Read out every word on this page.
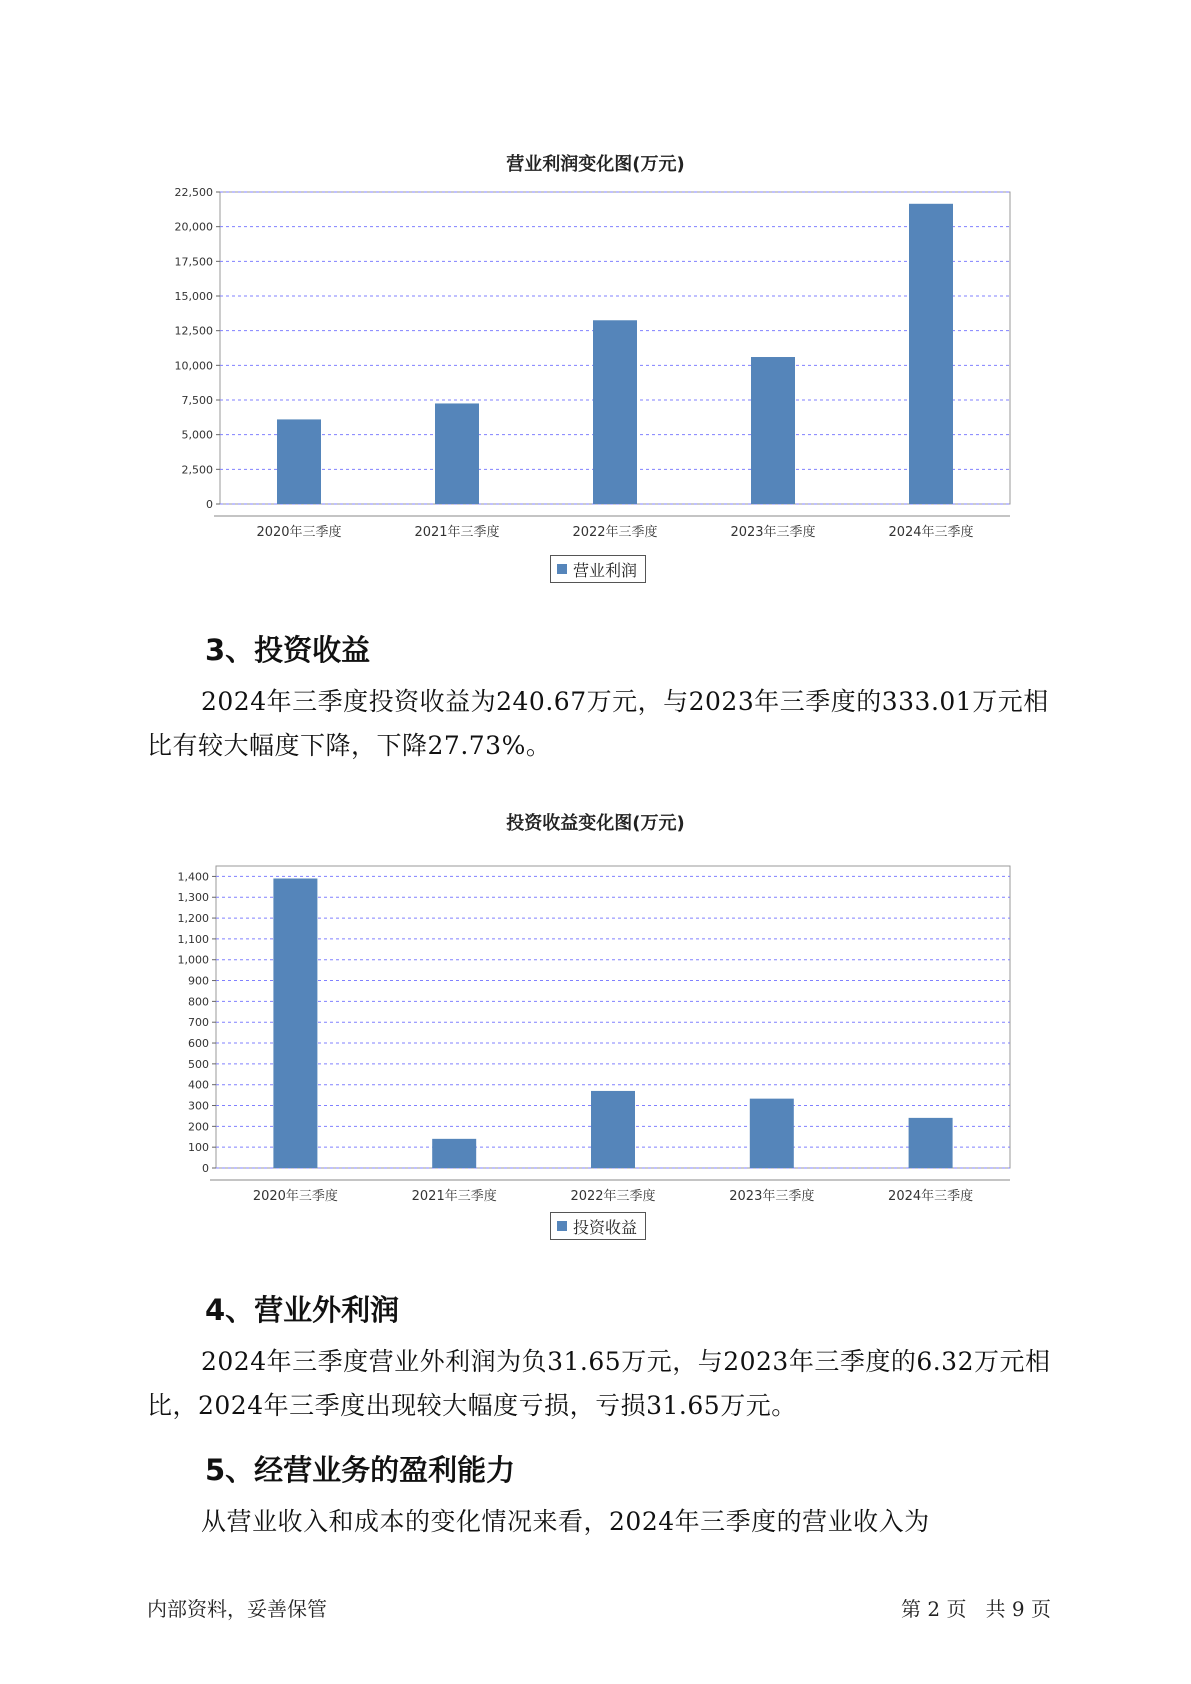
营业利润变化图(万元)
0
2,500
5,000
7,500
10,000
12,500
15,000
17,500
20,000
22,500
2020年三季度	2021年三季度	2022年三季度	2023年三季度	2024年三季度
营业利润
3、投资收益
2024年三季度投资收益为240.67万元，与2023年三季度的333.01万元相比有较大幅度下降，下降27.73%。
投资收益变化图(万元)
0
100
200
300
400
500
600
700
800
900
1,000
1,100
1,200
1,300
1,400
2020年三季度	2021年三季度	2022年三季度	2023年三季度	2024年三季度
投资收益
4、营业外利润
2024年三季度营业外利润为负31.65万元，与2023年三季度的6.32万元相比，2024年三季度出现较大幅度亏损，亏损31.65万元。
5、经营业务的盈利能力
从营业收入和成本的变化情况来看，2024年三季度的营业收入为
内部资料，妥善保管	第 2 页   共 9 页
